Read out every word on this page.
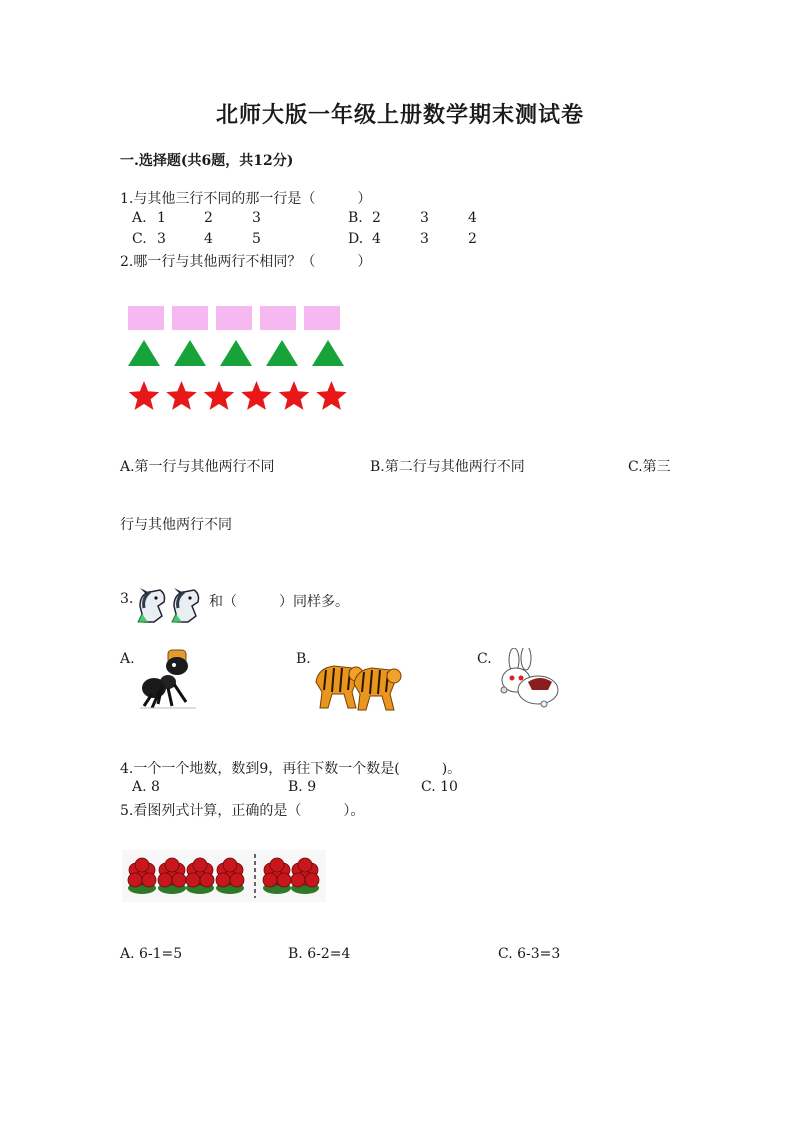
北师大版一年级上册数学期末测试卷
一.选择题(共6题，共12分)
1.与其他三行不同的那一行是（　　　）
A. 1	2	3	B. 2	3	4
C. 3	4	5	D. 4	3	2
2.哪一行与其他两行不相同？（　　　）
A.第一行与其他两行不同	B.第二行与其他两行不同	C.第三
行与其他两行不同
3.	和（　　　）同样多。
A.	B.	C.
4.一个一个地数，数到9，再往下数一个数是(　　　)。
A. 8	B. 9	C. 10
5.看图列式计算，正确的是（　　　）。
A. 6-1=5	B. 6-2=4	C. 6-3=3
